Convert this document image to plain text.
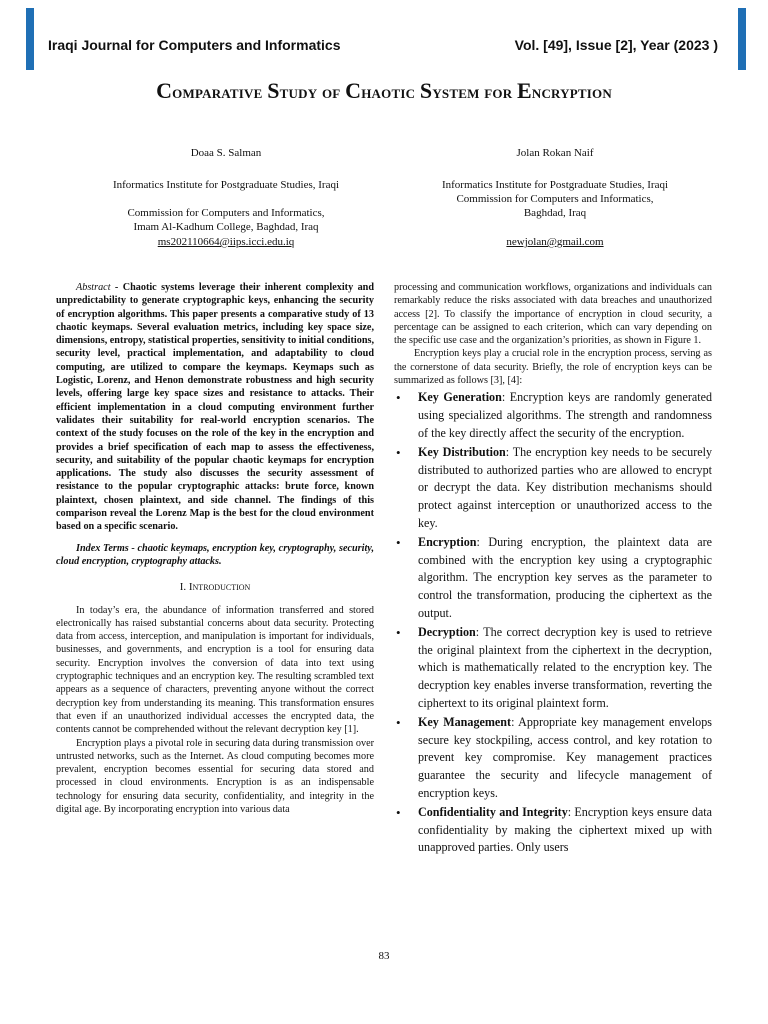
Iraqi Journal for Computers and Informatics	Vol. [49], Issue [2], Year (2023 )
Comparative Study of Chaotic System for Encryption
Doaa S. Salman	Jolan Rokan Naif
Informatics Institute for Postgraduate Studies, Iraqi
Commission for Computers and Informatics,
Imam Al-Kadhum College, Baghdad, Iraq
ms202110664@iips.icci.edu.iq
Informatics Institute for Postgraduate Studies, Iraqi
Commission for Computers and Informatics,
Baghdad, Iraq
newjolan@gmail.com

Abstract - Chaotic systems leverage their inherent complexity and unpredictability to generate cryptographic keys, enhancing the security of encryption algorithms. This paper presents a comparative study of 13 chaotic keymaps. Several evaluation metrics, including key space size, dimensions, entropy, statistical properties, sensitivity to initial conditions, security level, practical implementation, and adaptability to cloud computing, are utilized to compare the keymaps. Keymaps such as Logistic, Lorenz, and Henon demonstrate robustness and high security levels, offering large key space sizes and resistance to attacks. Their efficient implementation in a cloud computing environment further validates their suitability for real-world encryption scenarios. The context of the study focuses on the role of the key in the encryption and provides a brief specification of each map to assess the effectiveness, security, and suitability of the popular chaotic keymaps for encryption applications. The study also discusses the security assessment of resistance to the popular cryptographic attacks: brute force, known plaintext, chosen plaintext, and side channel. The findings of this comparison reveal the Lorenz Map is the best for the cloud environment based on a specific scenario.

Index Terms - chaotic keymaps, encryption key, cryptography, security, cloud encryption, cryptography attacks.

I. Introduction

In today’s era, the abundance of information transferred and stored electronically has raised substantial concerns about data security. Protecting data from access, interception, and manipulation is important for individuals, businesses, and governments, and encryption is a tool for ensuring data security. Encryption involves the conversion of data into text using cryptographic techniques and an encryption key. The resulting scrambled text appears as a sequence of characters, preventing anyone without the correct decryption key from understanding its meaning. This transformation ensures that even if an unauthorized individual accesses the encrypted data, the contents cannot be comprehended without the relevant decryption key [1].

Encryption plays a pivotal role in securing data during transmission over untrusted networks, such as the Internet. As cloud computing becomes more prevalent, encryption becomes essential for securing data stored and processed in cloud environments. Encryption is as an indispensable technology for ensuring data security, confidentiality, and integrity in the digital age. By incorporating encryption into various data

processing and communication workflows, organizations and individuals can remarkably reduce the risks associated with data breaches and unauthorized access [2]. To classify the importance of encryption in cloud security, a percentage can be assigned to each criterion, which can vary depending on the specific use case and the organization’s priorities, as shown in Figure 1.

Encryption keys play a crucial role in the encryption process, serving as the cornerstone of data security. Briefly, the role of encryption keys can be summarized as follows [3], [4]:

• Key Generation: Encryption keys are randomly generated using specialized algorithms. The strength and randomness of the key directly affect the security of the encryption.
• Key Distribution: The encryption key needs to be securely distributed to authorized parties who are allowed to encrypt or decrypt the data. Key distribution mechanisms should protect against interception or unauthorized access to the key.
• Encryption: During encryption, the plaintext data are combined with the encryption key using a cryptographic algorithm. The encryption key serves as the parameter to control the transformation, producing the ciphertext as the output.
• Decryption: The correct decryption key is used to retrieve the original plaintext from the ciphertext in the decryption, which is mathematically related to the encryption key. The decryption key enables inverse transformation, reverting the ciphertext to its original plaintext form.
• Key Management: Appropriate key management envelops secure key stockpiling, access control, and key rotation to prevent key compromise. Key management practices guarantee the security and lifecycle management of encryption keys.
• Confidentiality and Integrity: Encryption keys ensure data confidentiality by making the ciphertext mixed up with unapproved parties. Only users
83
